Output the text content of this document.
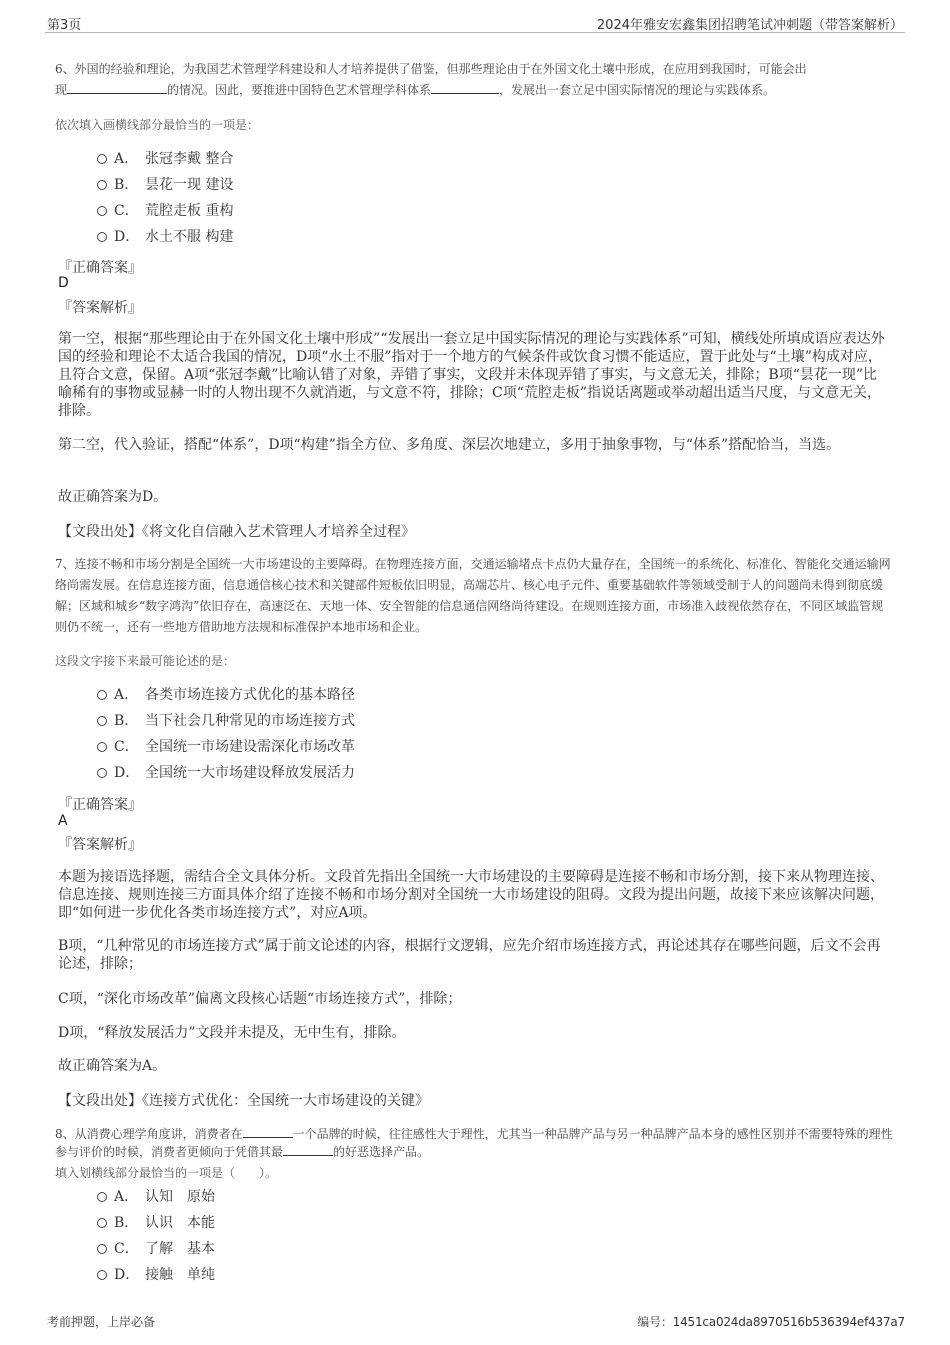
第3页	2024年雅安宏鑫集团招聘笔试冲刺题（带答案解析）
6、外国的经验和理论，为我国艺术管理学科建设和人才培养提供了借鉴，但那些理论由于在外国文化土壤中形成，在应用到我国时，可能会出
现	的情况。因此，要推进中国特色艺术管理学科体系	，发展出一套立足中国实际情况的理论与实践体系。
依次填入画横线部分最恰当的一项是：
A． 张冠李戴 整合
B． 昙花一现 建设
C． 荒腔走板 重构
D． 水土不服 构建
『正确答案』
D
『答案解析』
第一空，根据“那些理论由于在外国文化土壤中形成”“发展出一套立足中国实际情况的理论与实践体系”可知，横线处所填成语应表达外国的经验和理论不太适合我国的情况，D项“水土不服”指对于一个地方的气候条件或饮食习惯不能适应，置于此处与“土壤”构成对应，且符合文意，保留。A项“张冠李戴”比喻认错了对象，弄错了事实，文段并未体现弄错了事实，与文意无关，排除；B项“昙花一现”比喻稀有的事物或显赫一时的人物出现不久就消逝，与文意不符，排除；C项“荒腔走板”指说话离题或举动超出适当尺度，与文意无关，排除。
第二空，代入验证，搭配“体系”，D项“构建”指全方位、多角度、深层次地建立，多用于抽象事物，与“体系”搭配恰当，当选。
故正确答案为D。
【文段出处】《将文化自信融入艺术管理人才培养全过程》
7、连接不畅和市场分割是全国统一大市场建设的主要障碍。在物理连接方面，交通运输堵点卡点仍大量存在，全国统一的系统化、标准化、智能化交通运输网络尚需发展。在信息连接方面，信息通信核心技术和关键部件短板依旧明显，高端芯片、核心电子元件、重要基础软件等领域受制于人的问题尚未得到彻底缓解；区域和城乡“数字鸿沟”依旧存在，高速泛在、天地一体、安全智能的信息通信网络尚待建设。在规则连接方面，市场准入歧视依然存在，不同区域监管规则仍不统一，还有一些地方借助地方法规和标准保护本地市场和企业。
这段文字接下来最可能论述的是：
A． 各类市场连接方式优化的基本路径
B． 当下社会几种常见的市场连接方式
C． 全国统一市场建设需深化市场改革
D． 全国统一大市场建设释放发展活力
『正确答案』
A
『答案解析』
本题为接语选择题，需结合全文具体分析。文段首先指出全国统一大市场建设的主要障碍是连接不畅和市场分割，接下来从物理连接、信息连接、规则连接三方面具体介绍了连接不畅和市场分割对全国统一大市场建设的阻碍。文段为提出问题，故接下来应该解决问题，即“如何进一步优化各类市场连接方式”，对应A项。
B项，“几种常见的市场连接方式”属于前文论述的内容，根据行文逻辑，应先介绍市场连接方式，再论述其存在哪些问题，后文不会再论述，排除；
C项，“深化市场改革”偏离文段核心话题“市场连接方式”，排除；
D项，“释放发展活力”文段并未提及，无中生有，排除。
故正确答案为A。
【文段出处】《连接方式优化：全国统一大市场建设的关键》
8、从消费心理学角度讲，消费者在	一个品牌的时候，往往感性大于理性，尤其当一种品牌产品与另一种品牌产品本身的感性区别并不需要特殊的理性参与评价的时候，消费者更倾向于凭借其最	的好恶选择产品。
填入划横线部分最恰当的一项是（　　）。
A． 认知　原始
B． 认识　本能
C． 了解　基本
D． 接触　单纯
考前押题，上岸必备	编号：1451ca024da8970516b536394ef437a7
